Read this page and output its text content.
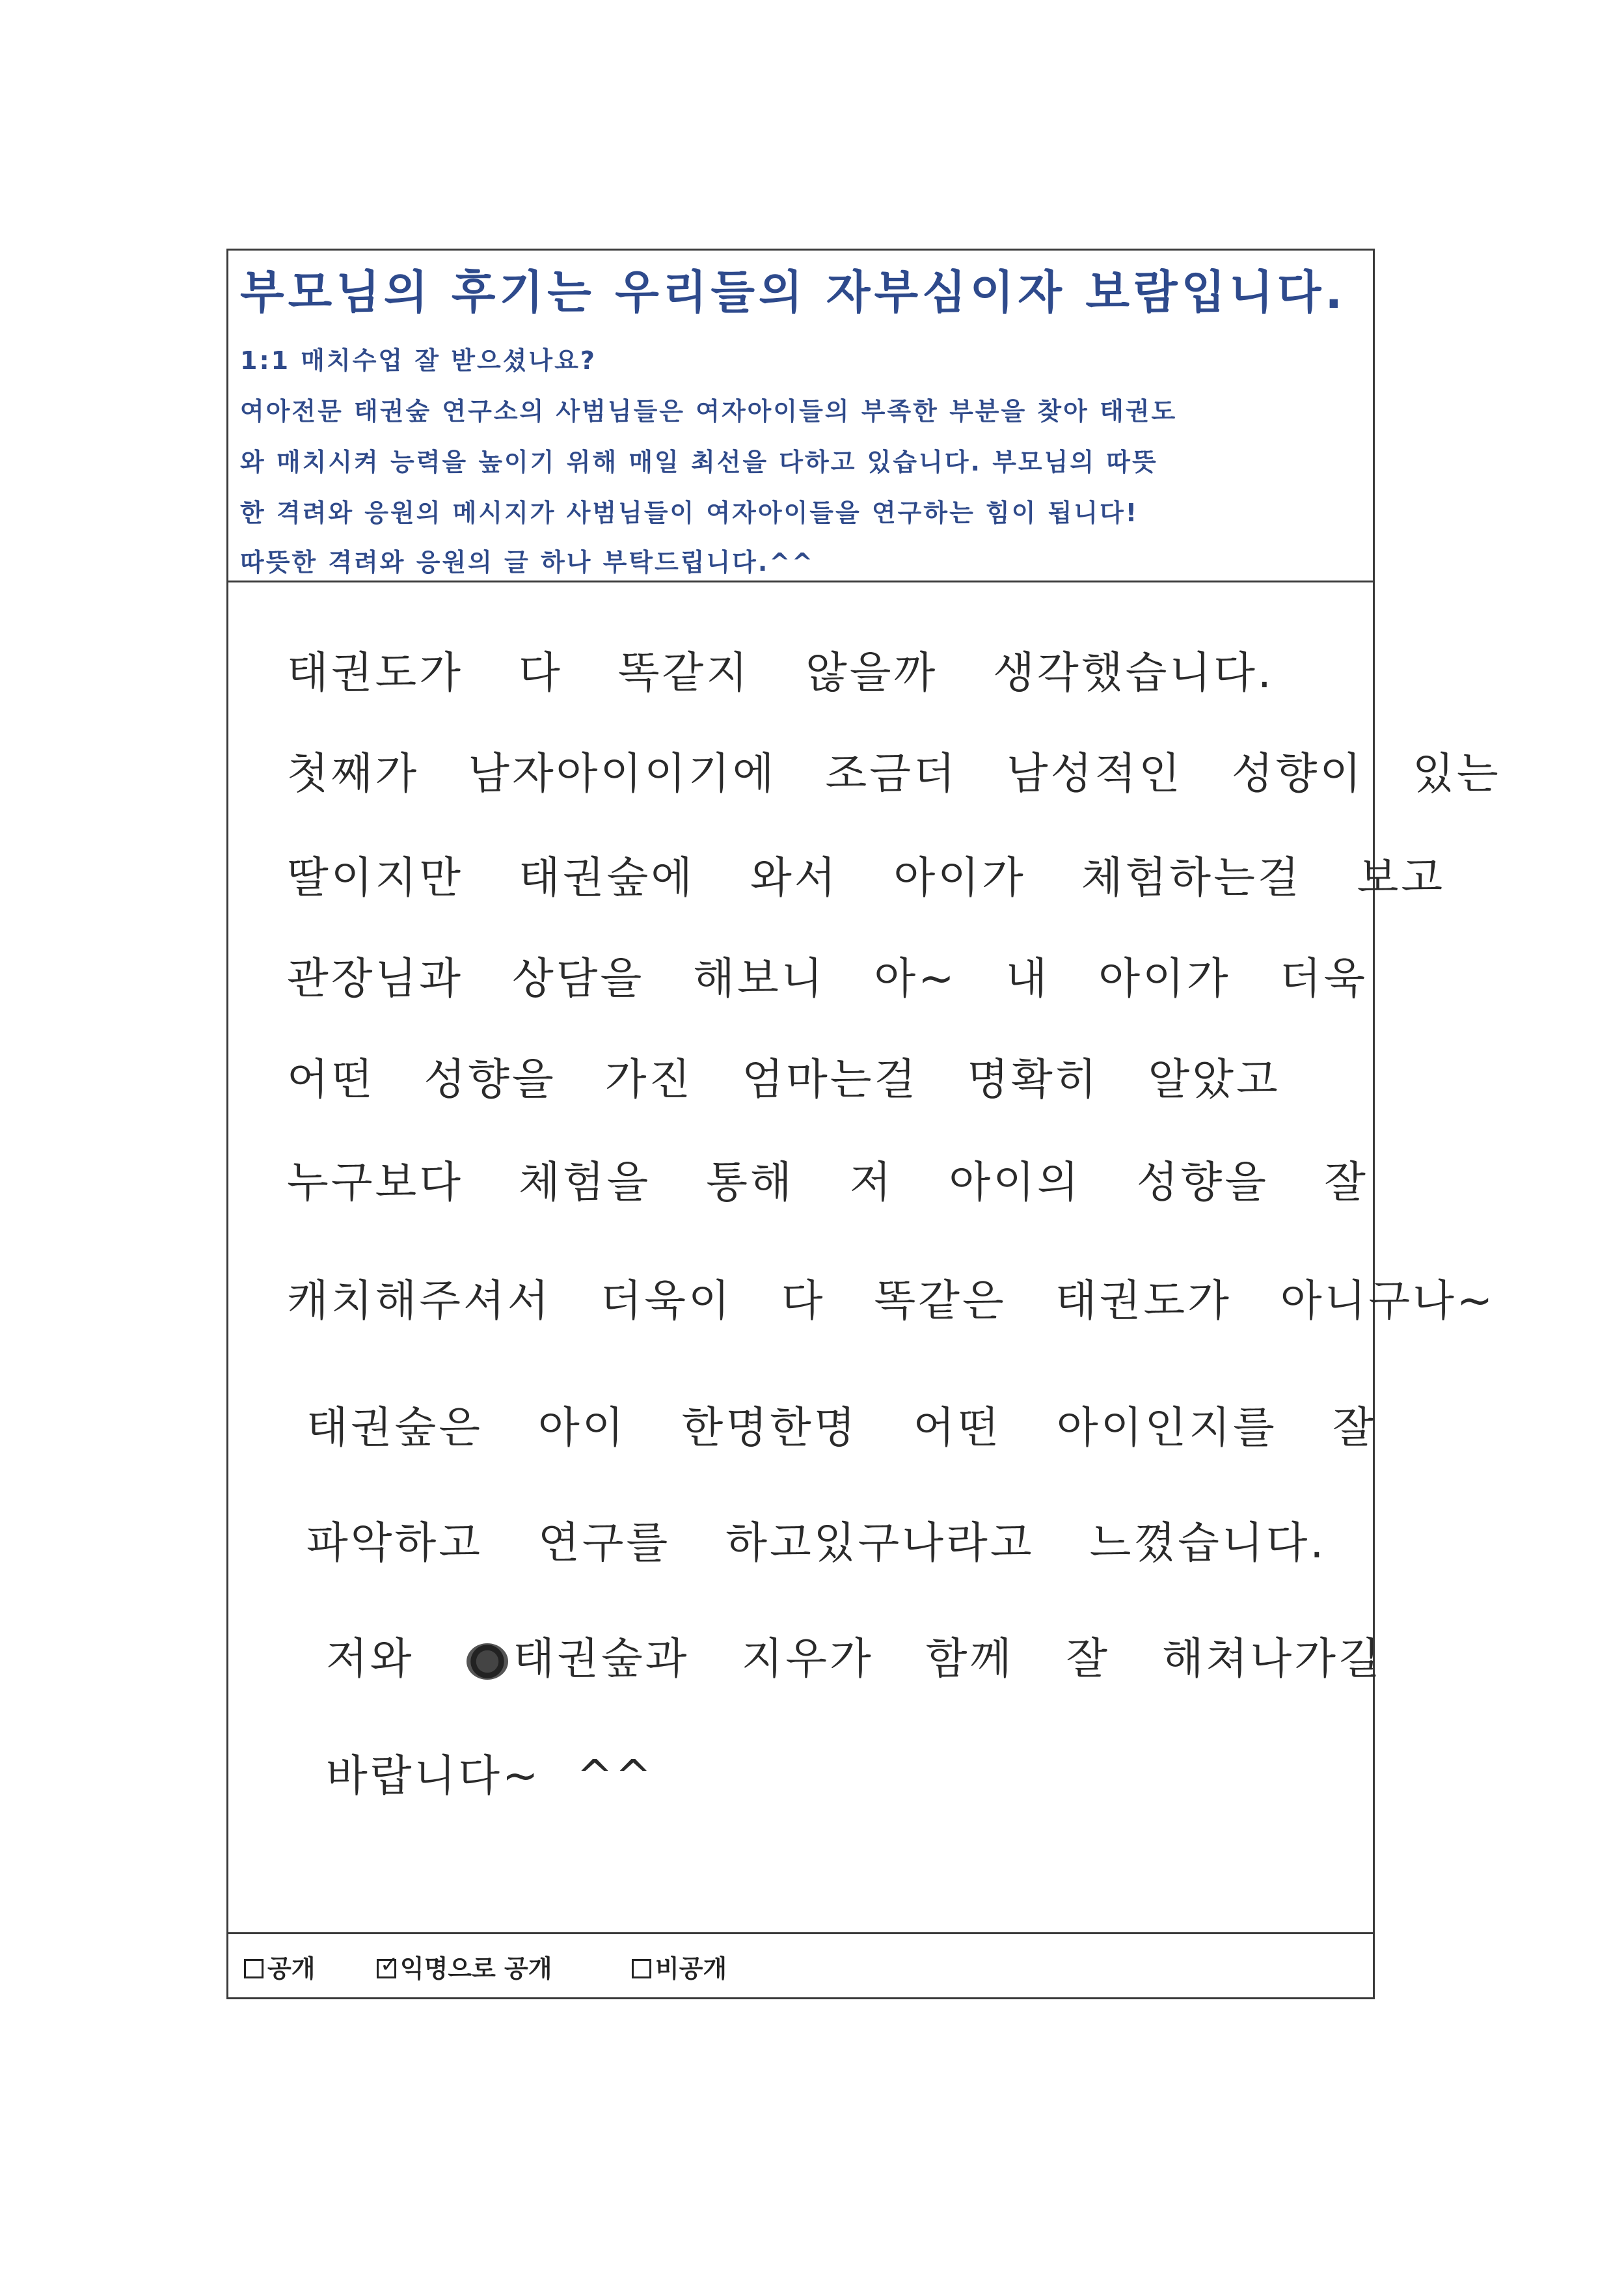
부모님의 후기는 우리들의 자부심이자 보람입니다.
1:1 매치수업 잘 받으셨나요?
여아전문 태권숲 연구소의 사범님들은 여자아이들의 부족한 부분을 찾아 태권도
와 매치시켜 능력을 높이기 위해 매일 최선을 다하고 있습니다. 부모님의 따뜻
한 격려와 응원의 메시지가 사범님들이 여자아이들을 연구하는 힘이 됩니다!
따뜻한 격려와 응원의 글 하나 부탁드립니다.^^
태권도가 다 똑같지 않을까 생각했습니다.
첫째가 남자아이이기에 조금더 남성적인 성향이 있는
딸이지만 태권숲에 와서 아이가 체험하는걸 보고
관장님과 상담을 해보니 아~ 내 아이가 더욱
어떤 성향을 가진 엄마는걸 명확히 알았고
누구보다 체험을 통해 저 아이의 성향을 잘
캐치해주셔서 더욱이 다 똑같은 태권도가 아니구나~
태권숲은 아이 한명한명 어떤 아이인지를 잘
파악하고 연구를 하고있구나라고 느꼈습니다.
저와 태권숲과 지우가 함께 잘 해쳐나가길
바랍니다~ ^^
공개	✓ 익명으로 공개	비공개
